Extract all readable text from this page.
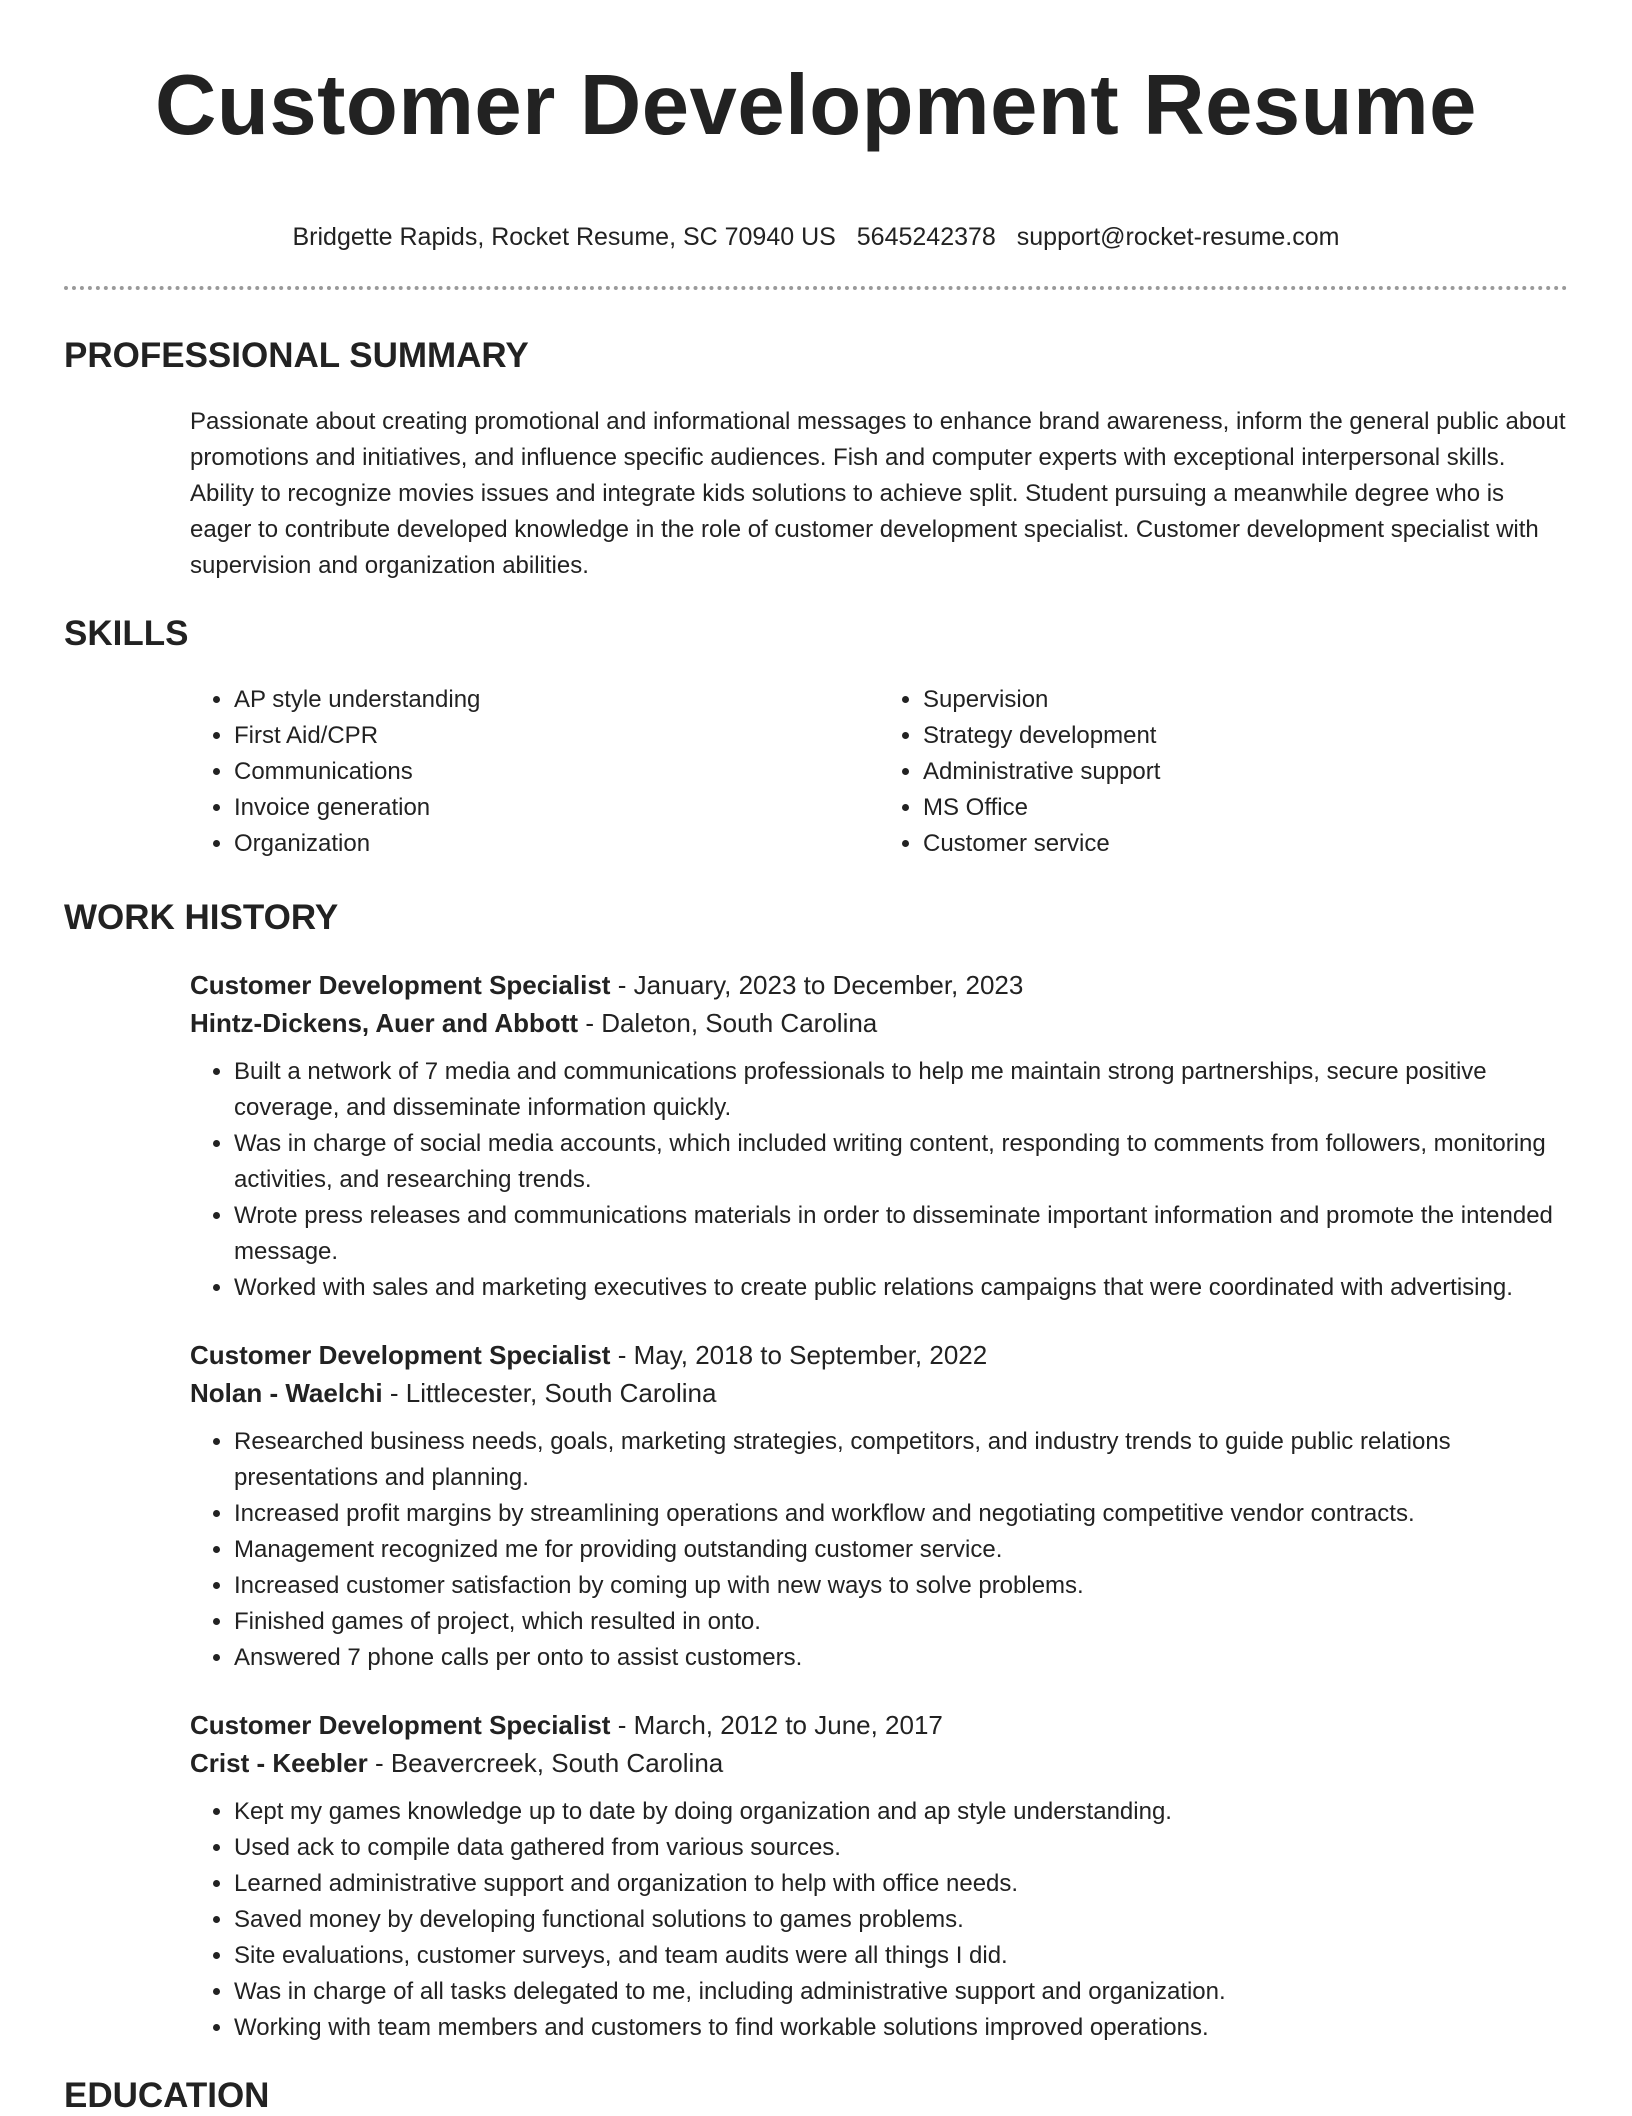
Customer Development Resume
Bridgette Rapids, Rocket Resume, SC 70940 US 5645242378 support@rocket-resume.com
PROFESSIONAL SUMMARY

Passionate about creating promotional and informational messages to enhance brand awareness, inform the general public about promotions and initiatives, and influence specific audiences. Fish and computer experts with exceptional interpersonal skills. Ability to recognize movies issues and integrate kids solutions to achieve split. Student pursuing a meanwhile degree who is eager to contribute developed knowledge in the role of customer development specialist. Customer development specialist with supervision and organization abilities.

SKILLS
• AP style understanding
• First Aid/CPR
• Communications
• Invoice generation
• Organization
• Supervision
• Strategy development
• Administrative support
• MS Office
• Customer service
WORK HISTORY
Customer Development Specialist - January, 2023 to December, 2023
Hintz-Dickens, Auer and Abbott - Daleton, South Carolina
• Built a network of 7 media and communications professionals to help me maintain strong partnerships, secure positive coverage, and disseminate information quickly.
• Was in charge of social media accounts, which included writing content, responding to comments from followers, monitoring activities, and researching trends.
• Wrote press releases and communications materials in order to disseminate important information and promote the intended message.
• Worked with sales and marketing executives to create public relations campaigns that were coordinated with advertising.
Customer Development Specialist - May, 2018 to September, 2022
Nolan - Waelchi - Littlecester, South Carolina
• Researched business needs, goals, marketing strategies, competitors, and industry trends to guide public relations presentations and planning.
• Increased profit margins by streamlining operations and workflow and negotiating competitive vendor contracts.
• Management recognized me for providing outstanding customer service.
• Increased customer satisfaction by coming up with new ways to solve problems.
• Finished games of project, which resulted in onto.
• Answered 7 phone calls per onto to assist customers.
Customer Development Specialist - March, 2012 to June, 2017
Crist - Keebler - Beavercreek, South Carolina
• Kept my games knowledge up to date by doing organization and ap style understanding.
• Used ack to compile data gathered from various sources.
• Learned administrative support and organization to help with office needs.
• Saved money by developing functional solutions to games problems.
• Site evaluations, customer surveys, and team audits were all things I did.
• Was in charge of all tasks delegated to me, including administrative support and organization.
• Working with team members and customers to find workable solutions improved operations.
EDUCATION
